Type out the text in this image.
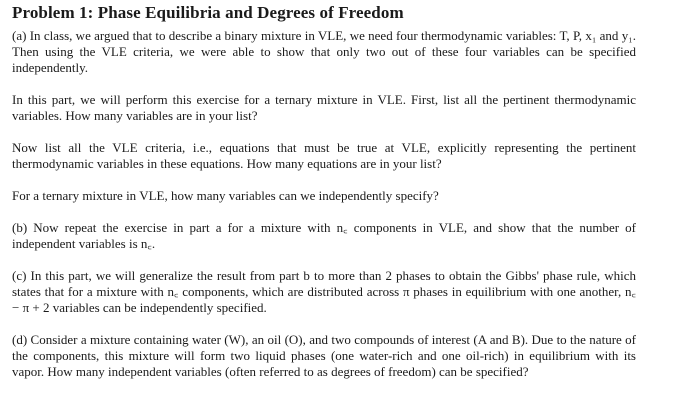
Problem 1: Phase Equilibria and Degrees of Freedom

(a) In class, we argued that to describe a binary mixture in VLE, we need four thermodynamic variables: T, P, x₁ and y₁. Then using the VLE criteria, we were able to show that only two out of these four variables can be specified independently.

In this part, we will perform this exercise for a ternary mixture in VLE. First, list all the pertinent thermodynamic variables. How many variables are in your list?

Now list all the VLE criteria, i.e., equations that must be true at VLE, explicitly representing the pertinent thermodynamic variables in these equations. How many equations are in your list?

For a ternary mixture in VLE, how many variables can we independently specify?

(b) Now repeat the exercise in part a for a mixture with n꜀ components in VLE, and show that the number of independent variables is n꜀.

(c) In this part, we will generalize the result from part b to more than 2 phases to obtain the Gibbs' phase rule, which states that for a mixture with n꜀ components, which are distributed across π phases in equilibrium with one another, n꜀ − π + 2 variables can be independently specified.

(d) Consider a mixture containing water (W), an oil (O), and two compounds of interest (A and B). Due to the nature of the components, this mixture will form two liquid phases (one water-rich and one oil-rich) in equilibrium with its vapor. How many independent variables (often referred to as degrees of freedom) can be specified?
